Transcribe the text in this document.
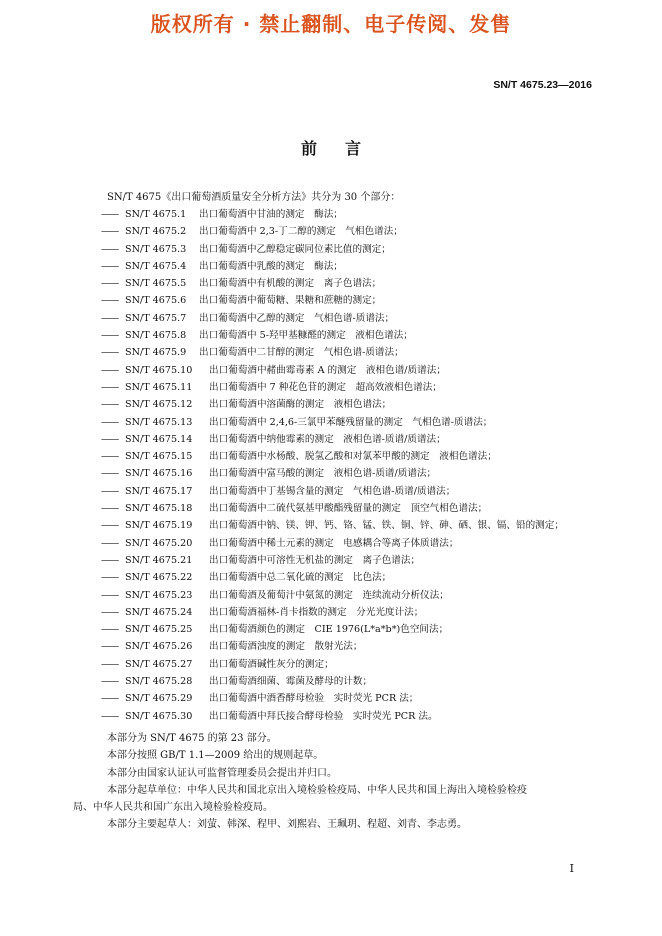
版权所有 · 禁止翻制、电子传阅、发售
SN/T 4675.23—2016
前言
SN/T 4675《出口葡萄酒质量安全分析方法》共分为 30 个部分：
—— SN/T 4675.1 出口葡萄酒中甘油的测定　酶法；
—— SN/T 4675.2 出口葡萄酒中 2,3-丁二醇的测定　气相色谱法；
—— SN/T 4675.3 出口葡萄酒中乙醇稳定碳同位素比值的测定；
—— SN/T 4675.4 出口葡萄酒中乳酸的测定　酶法；
—— SN/T 4675.5 出口葡萄酒中有机酸的测定　离子色谱法；
—— SN/T 4675.6 出口葡萄酒中葡萄糖、果糖和蔗糖的测定；
—— SN/T 4675.7 出口葡萄酒中乙醇的测定　气相色谱-质谱法；
—— SN/T 4675.8 出口葡萄酒中 5-羟甲基糠醛的测定　液相色谱法；
—— SN/T 4675.9 出口葡萄酒中二甘醇的测定　气相色谱-质谱法；
—— SN/T 4675.10 出口葡萄酒中赭曲霉毒素 A 的测定　液相色谱/质谱法；
—— SN/T 4675.11 出口葡萄酒中 7 种花色苷的测定　超高效液相色谱法；
—— SN/T 4675.12 出口葡萄酒中溶菌酶的测定　液相色谱法；
—— SN/T 4675.13 出口葡萄酒中 2,4,6-三氯甲苯醚残留量的测定　气相色谱-质谱法；
—— SN/T 4675.14 出口葡萄酒中纳他霉素的测定　液相色谱-质谱/质谱法；
—— SN/T 4675.15 出口葡萄酒中水杨酸、脱氢乙酸和对氯苯甲酸的测定　液相色谱法；
—— SN/T 4675.16 出口葡萄酒中富马酸的测定　液相色谱-质谱/质谱法；
—— SN/T 4675.17 出口葡萄酒中丁基锡含量的测定　气相色谱-质谱/质谱法；
—— SN/T 4675.18 出口葡萄酒中二硫代氨基甲酸酯残留量的测定　顶空气相色谱法；
—— SN/T 4675.19 出口葡萄酒中钠、镁、钾、钙、铬、锰、铁、铜、锌、砷、硒、银、镉、铅的测定；
—— SN/T 4675.20 出口葡萄酒中稀土元素的测定　电感耦合等离子体质谱法；
—— SN/T 4675.21 出口葡萄酒中可溶性无机盐的测定　离子色谱法；
—— SN/T 4675.22 出口葡萄酒中总二氧化硫的测定　比色法；
—— SN/T 4675.23 出口葡萄酒及葡萄汁中氨氮的测定　连续流动分析仪法；
—— SN/T 4675.24 出口葡萄酒福林-肖卡指数的测定　分光光度计法；
—— SN/T 4675.25 出口葡萄酒颜色的测定　CIE 1976(L*a*b*)色空间法；
—— SN/T 4675.26 出口葡萄酒浊度的测定　散射光法；
—— SN/T 4675.27 出口葡萄酒碱性灰分的测定；
—— SN/T 4675.28 出口葡萄酒细菌、霉菌及酵母的计数；
—— SN/T 4675.29 出口葡萄酒中酒香酵母检验　实时荧光 PCR 法；
—— SN/T 4675.30 出口葡萄酒中拜氏接合酵母检验　实时荧光 PCR 法。
本部分为 SN/T 4675 的第 23 部分。
本部分按照 GB/T 1.1—2009 给出的规则起草。
本部分由国家认证认可监督管理委员会提出并归口。
本部分起草单位：中华人民共和国北京出入境检验检疫局、中华人民共和国上海出入境检验检疫
局、中华人民共和国广东出入境检验检疫局。
本部分主要起草人：刘萤、韩深、程甲、刘熙岩、王珮玥、程超、刘青、李志勇。
I
